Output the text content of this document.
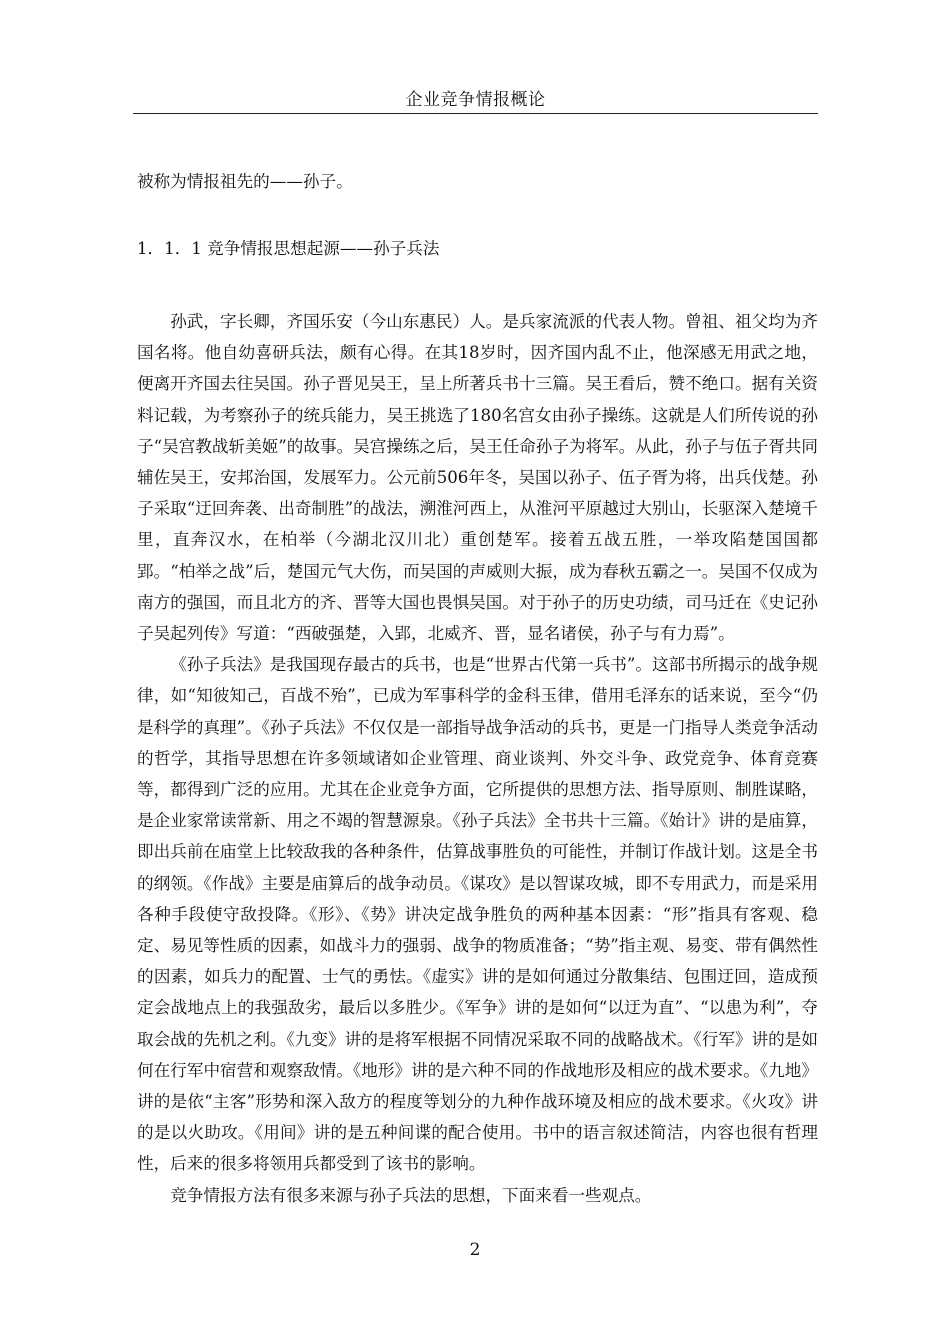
企业竞争情报概论

被称为情报祖先的——孙子。

1．1．1 竞争情报思想起源——孙子兵法

孙武，字长卿，齐国乐安（今山东惠民）人。是兵家流派的代表人物。曾祖、祖父均为齐国名将。他自幼喜研兵法，颇有心得。在其18岁时，因齐国内乱不止，他深感无用武之地，便离开齐国去往吴国。孙子晋见吴王，呈上所著兵书十三篇。吴王看后，赞不绝口。据有关资料记载，为考察孙子的统兵能力，吴王挑选了180名宫女由孙子操练。这就是人们所传说的孙子“吴宫教战斩美姬”的故事。吴宫操练之后，吴王任命孙子为将军。从此，孙子与伍子胥共同辅佐吴王，安邦治国，发展军力。公元前506年冬，吴国以孙子、伍子胥为将，出兵伐楚。孙子采取“迂回奔袭、出奇制胜”的战法，溯淮河西上，从淮河平原越过大别山，长驱深入楚境千里，直奔汉水，在柏举（今湖北汉川北）重创楚军。接着五战五胜，一举攻陷楚国国都郢。“柏举之战”后，楚国元气大伤，而吴国的声威则大振，成为春秋五霸之一。吴国不仅成为南方的强国，而且北方的齐、晋等大国也畏惧吴国。对于孙子的历史功绩，司马迁在《史记孙子吴起列传》写道：“西破强楚，入郢，北威齐、晋，显名诸侯，孙子与有力焉”。

《孙子兵法》是我国现存最古的兵书，也是“世界古代第一兵书”。这部书所揭示的战争规律，如“知彼知己，百战不殆”，已成为军事科学的金科玉律，借用毛泽东的话来说，至今“仍是科学的真理”。《孙子兵法》不仅仅是一部指导战争活动的兵书，更是一门指导人类竞争活动的哲学，其指导思想在许多领域诸如企业管理、商业谈判、外交斗争、政党竞争、体育竞赛等，都得到广泛的应用。尤其在企业竞争方面，它所提供的思想方法、指导原则、制胜谋略，是企业家常读常新、用之不竭的智慧源泉。《孙子兵法》全书共十三篇。《始计》讲的是庙算，即出兵前在庙堂上比较敌我的各种条件，估算战事胜负的可能性，并制订作战计划。这是全书的纲领。《作战》主要是庙算后的战争动员。《谋攻》是以智谋攻城，即不专用武力，而是采用各种手段使守敌投降。《形》、《势》讲决定战争胜负的两种基本因素：“形”指具有客观、稳定、易见等性质的因素，如战斗力的强弱、战争的物质准备；“势”指主观、易变、带有偶然性的因素，如兵力的配置、士气的勇怯。《虚实》讲的是如何通过分散集结、包围迂回，造成预定会战地点上的我强敌劣，最后以多胜少。《军争》讲的是如何“以迂为直”、“以患为利”，夺取会战的先机之利。《九变》讲的是将军根据不同情况采取不同的战略战术。《行军》讲的是如何在行军中宿营和观察敌情。《地形》讲的是六种不同的作战地形及相应的战术要求。《九地》讲的是依“主客”形势和深入敌方的程度等划分的九种作战环境及相应的战术要求。《火攻》讲的是以火助攻。《用间》讲的是五种间谍的配合使用。书中的语言叙述简洁，内容也很有哲理性，后来的很多将领用兵都受到了该书的影响。

竞争情报方法有很多来源与孙子兵法的思想，下面来看一些观点。

2
